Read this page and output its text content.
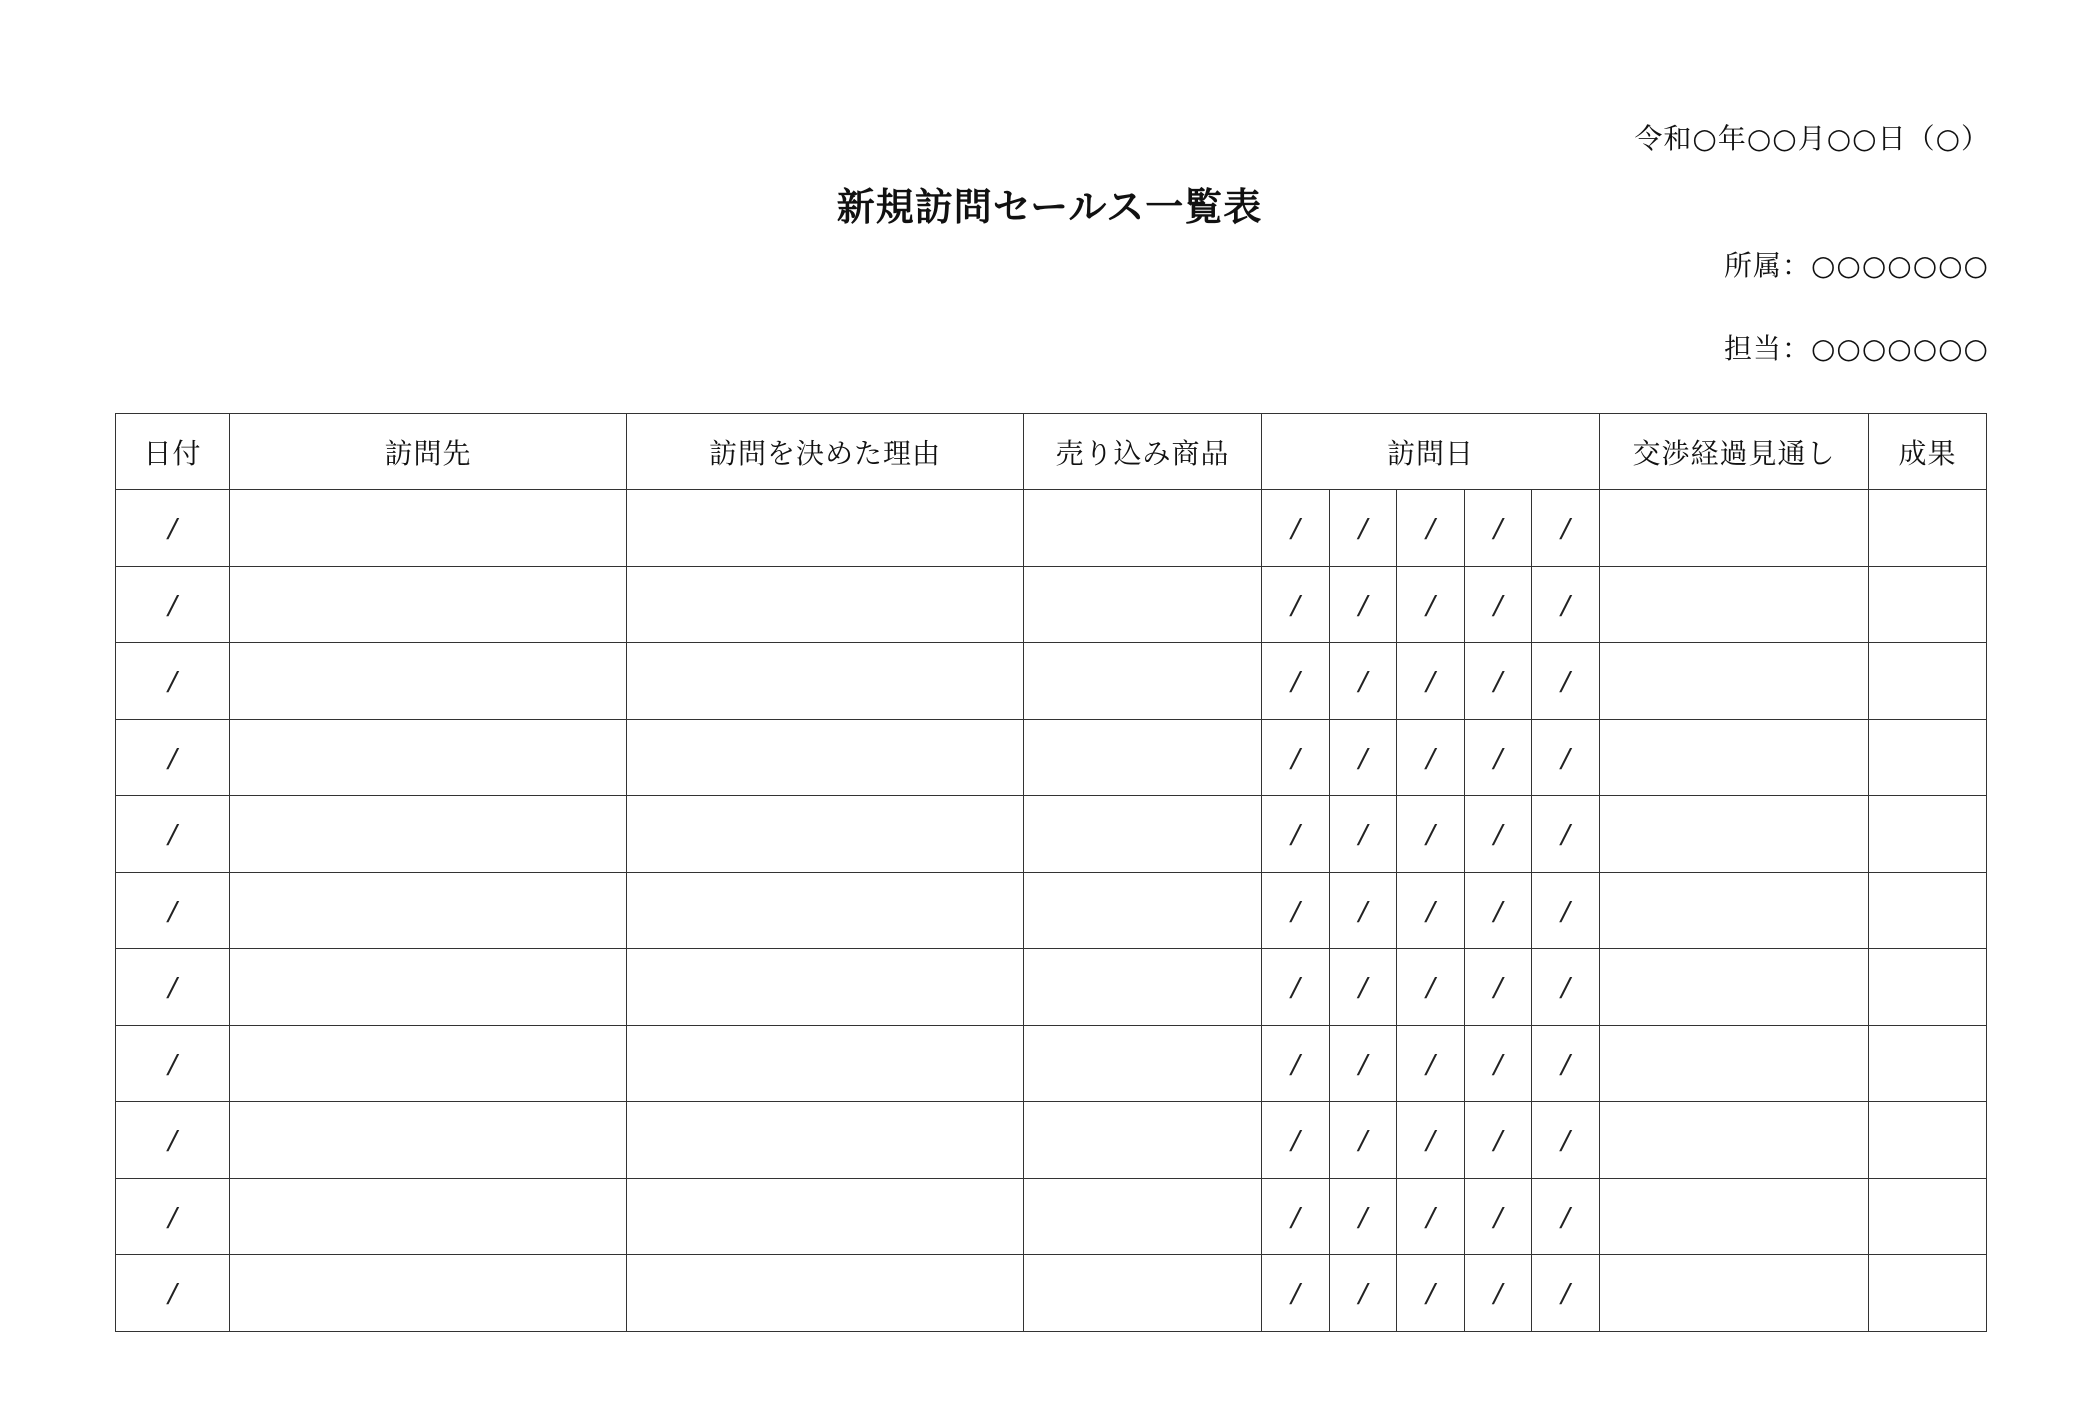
令和○年○○月○○日（○）
新規訪問セールス一覧表
所属：○○○○○○○
担当：○○○○○○○
日付	訪問先	訪問を決めた理由	売り込み商品	訪問日					交渉経過見通し	成果
/				/	/	/	/	/		
/				/	/	/	/	/		
/				/	/	/	/	/		
/				/	/	/	/	/		
/				/	/	/	/	/		
/				/	/	/	/	/		
/				/	/	/	/	/		
/				/	/	/	/	/		
/				/	/	/	/	/		
/				/	/	/	/	/		
/				/	/	/	/	/		
